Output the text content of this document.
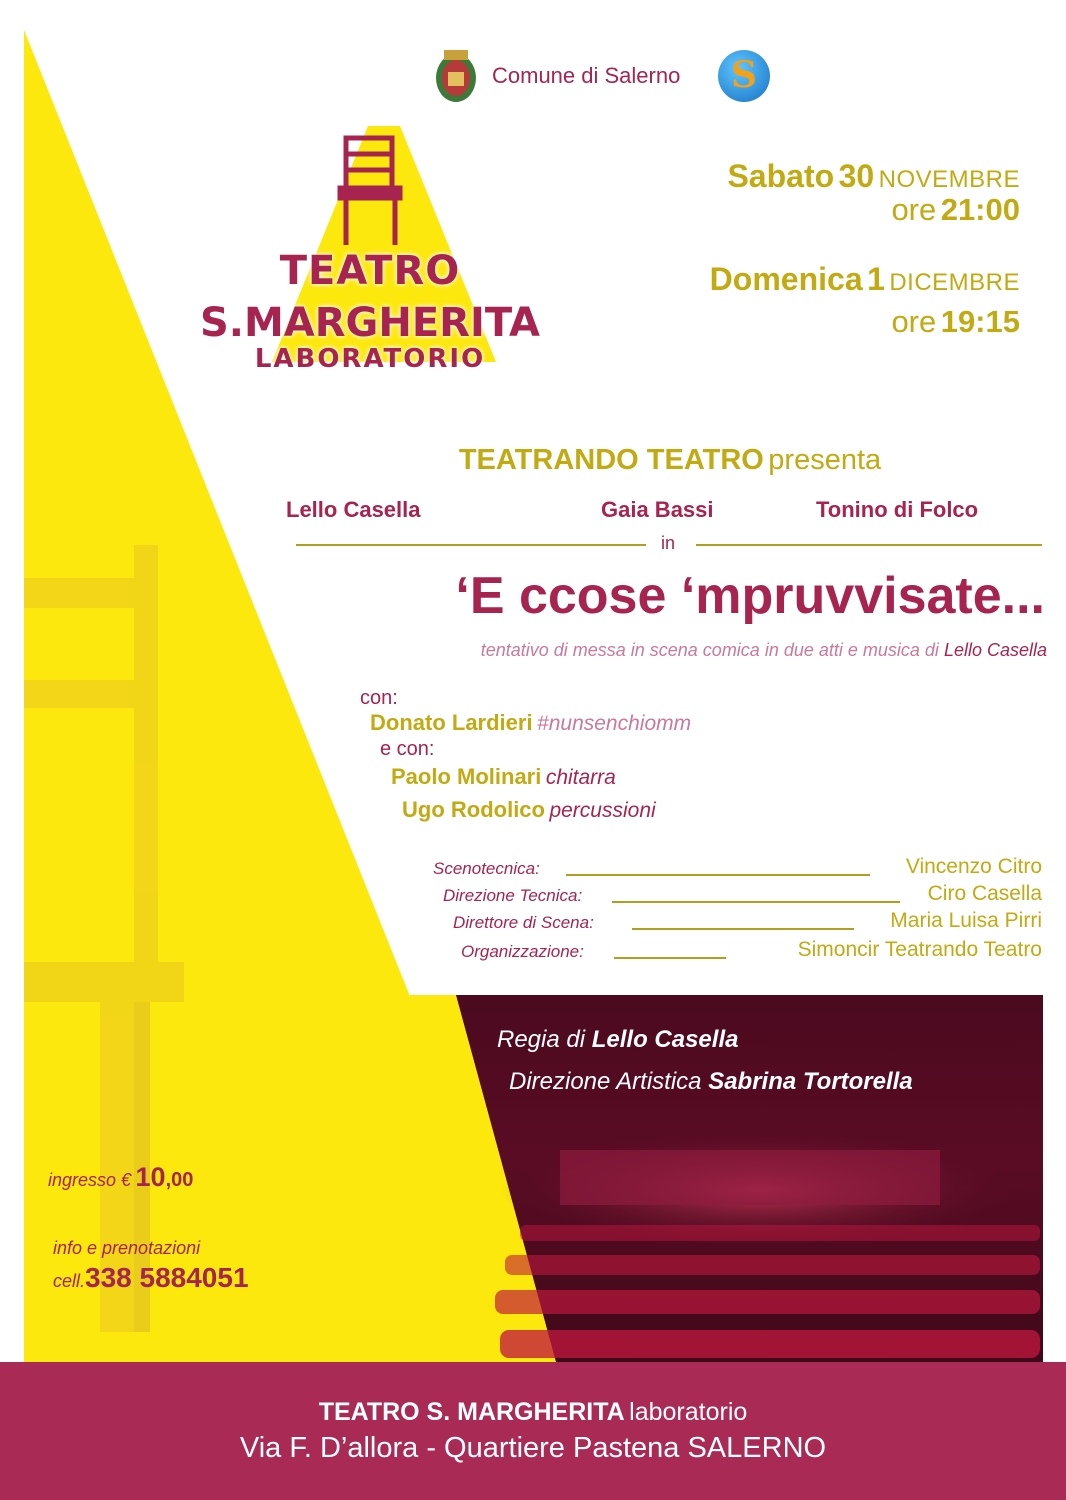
Comune di Salerno	S
TEATRO
S.MARGHERITA
LABORATORIO
Sabato 30 NOVEMBRE
ore 21:00
Domenica 1 DICEMBRE
ore 19:15
TEATRANDO TEATRO presenta
Lello Casella	Gaia Bassi	Tonino di Folco
in
‘E ccose ‘mpruvvisate...
tentativo di messa in scena comica in due atti e musica di Lello Casella
con:
Donato Lardieri #nunsenchiomm
e con:
Paolo Molinari chitarra
Ugo Rodolico percussioni
Scenotecnica:	Vincenzo Citro
Direzione Tecnica:	Ciro Casella
Direttore di Scena:	Maria Luisa Pirri
Organizzazione:	Simoncir Teatrando Teatro
Regia di Lello Casella
Direzione Artistica Sabrina Tortorella
ingresso € 10,00
info e prenotazioni
cell.338 5884051
TEATRO S. MARGHERITA laboratorio
Via F. D’allora - Quartiere Pastena SALERNO
